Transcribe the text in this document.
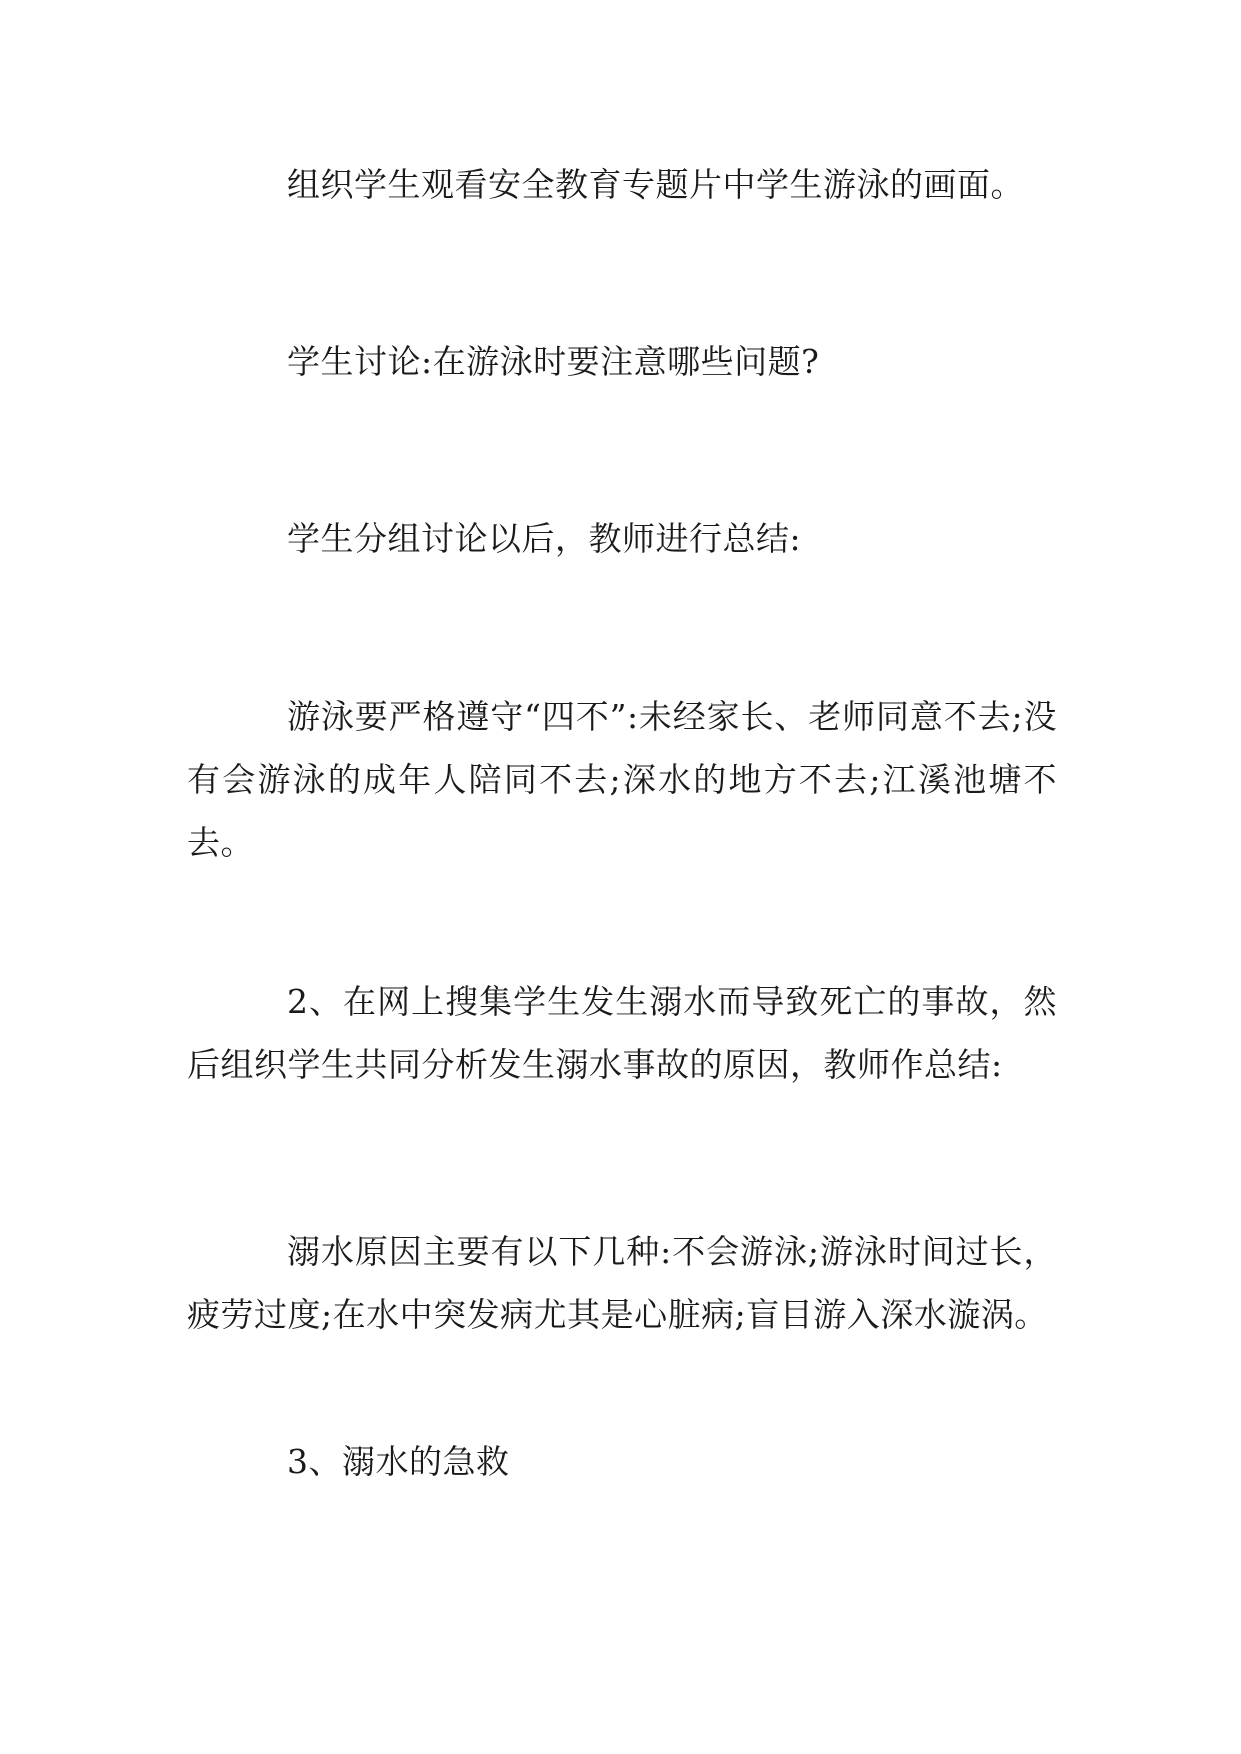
组织学生观看安全教育专题片中学生游泳的画面。

学生讨论:在游泳时要注意哪些问题?

学生分组讨论以后，教师进行总结:

游泳要严格遵守“四不”:未经家长、老师同意不去;没有会游泳的成年人陪同不去;深水的地方不去;江溪池塘不去。

2、在网上搜集学生发生溺水而导致死亡的事故，然后组织学生共同分析发生溺水事故的原因，教师作总结:

溺水原因主要有以下几种:不会游泳;游泳时间过长，疲劳过度;在水中突发病尤其是心脏病;盲目游入深水漩涡。

3、溺水的急救
